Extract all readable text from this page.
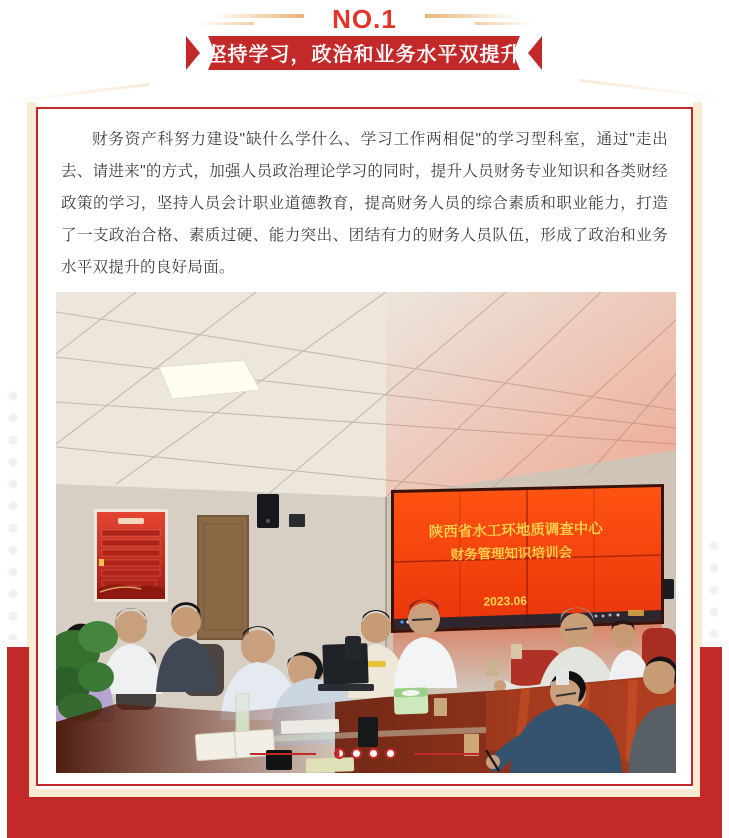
NO.1
坚持学习，政治和业务水平双提升

财务资产科努力建设"缺什么学什么、学习工作两相促"的学习型科室，通过"走出去、请进来"的方式，加强人员政治理论学习的同时，提升人员财务专业知识和各类财经政策的学习，坚持人员会计职业道德教育，提高财务人员的综合素质和职业能力，打造了一支政治合格、素质过硬、能力突出、团结有力的财务人员队伍，形成了政治和业务水平双提升的良好局面。

陕西省水工环地质调查中心
财务管理知识培训会
2023.06
